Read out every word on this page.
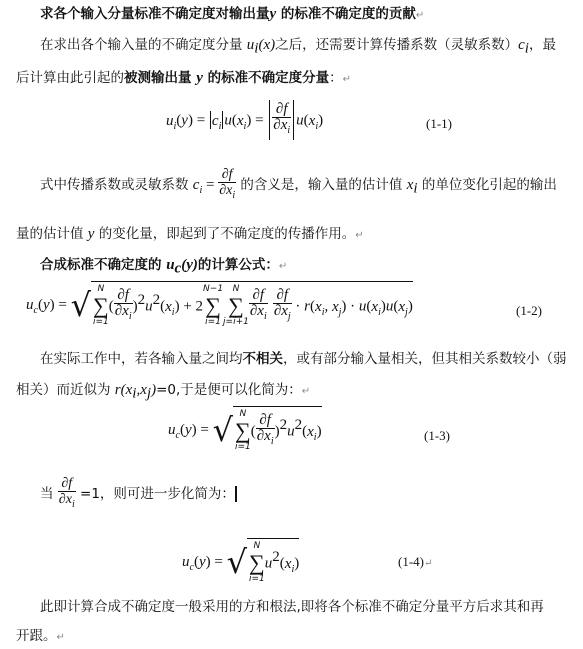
求各个输入分量标准不确定度对输出量y 的标准不确定度的贡献↵
在求出各个输入量的不确定度分量 $u_i(x)$之后，还需要计算传播系数（灵敏系数）$c_i$，最
后计算由此引起的被测输出量 y 的标准不确定度分量：↵
$u_i(y) = c_i$ $u(x_i) = \frac{\partial f}{\partial x_i} u(x_i)$	(1-1)
式中传播系数或灵敏系数 $c_i = \frac{\partial f}{\partial x_i}$ 的含义是，输入量的估计值 $x_i$ 的单位变化引起的输出
量的估计值 y 的变化量，即起到了不确定度的传播作用。↵
合成标准不确定度的 $u_c(y)$的计算公式：↵
$u_c(y)$ = √ N
∑
i=1
( $\frac{\partial f}{\partial x_i} )^2u^2(x_i) + 2$
N−1
∑
i=1
N
∑
$j=i+1 \frac{\partial f}{\partial x_i}$
$\frac{\partial f}{\partial x_j} \cdot r(x_i$, $x_j) \cdot u(x_i)u(x_j)$	(1-2)
在实际工作中，若各输入量之间均不相关，或有部分输入量相关，但其相关系数较小（弱
相关）而近似为 $r(x_i,x_j)=0$,于是便可以化简为：↵
$u_c(y)$ = √ N
∑
i=1
( $\frac{\partial f}{\partial x_i} )^2u^2(x_i)$	(1-3)
当 $\frac{\partial f}{\partial x_i} =1$，则可进一步化简为：
$u_c(y)$ = √ N
∑
i=1
$u^2(x_i)$	(1-4)↵
此即计算合成不确定度一般采用的方和根法,即将各个标准不确定分量平方后求其和再
开跟。↵
